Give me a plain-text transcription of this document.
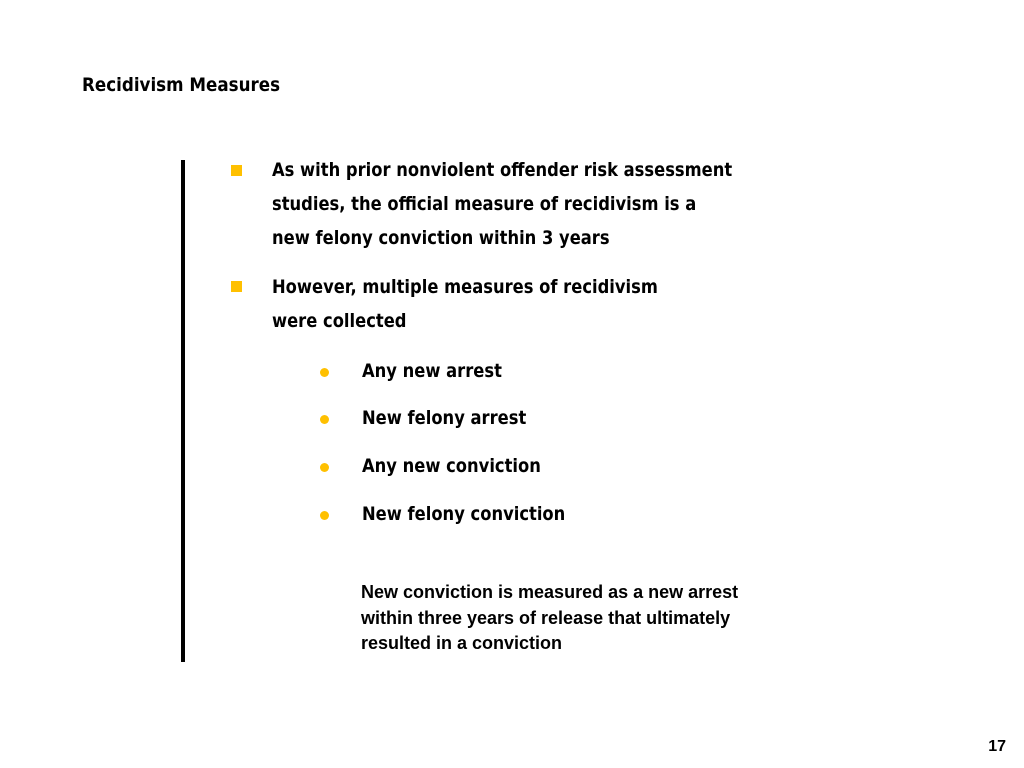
Recidivism Measures
As with prior nonviolent offender risk assessment
studies, the official measure of recidivism is a
new felony conviction within 3 years
However, multiple measures of recidivism
were collected
Any new arrest
New felony arrest
Any new conviction
New felony conviction
New conviction is measured as a new arrest
within three years of release that ultimately
resulted in a conviction
17
